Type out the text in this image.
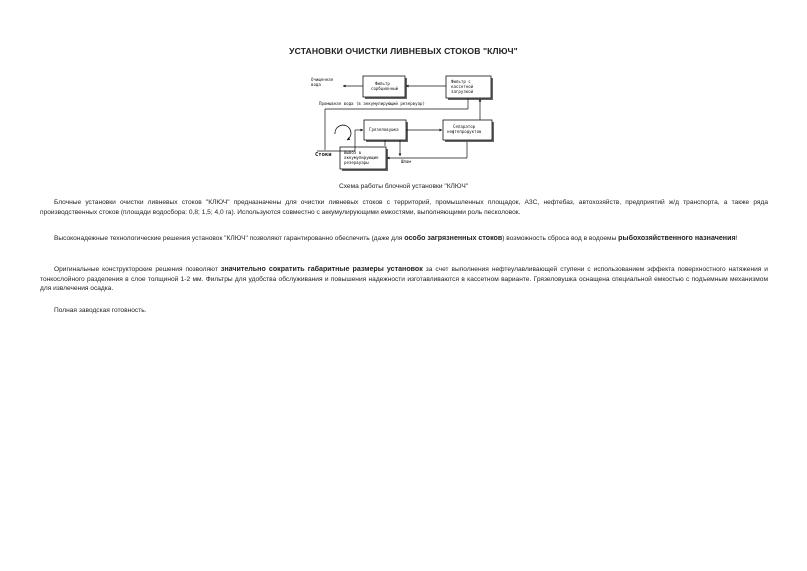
УСТАНОВКИ ОЧИСТКИ ЛИВНЕВЫХ СТОКОВ "КЛЮЧ"
Очищенная
вода	Фильтр
сорбционный
Фильтр с
кассетной
загрузкой
Промывная вода (в аккумулирующий резервуар)
Грязеловушка
Сепаратор
нефтепродуктов
Стоки	Вывоз в
аккумулирующие
резервуары	Шлам
Схема работы блочной установки "КЛЮЧ"

Блочные установки очистки ливневых стоков "КЛЮЧ" предназначены для очистки ливневых стоков с территорий, промышленных площадок, АЗС, нефтебаз, автохозяйств, предприятий ж/д транспорта, а также ряда производственных стоков (площади водосбора: 0,8; 1,5; 4,0 га). Используются совместно с аккумулирующими емкостями, выполняющими роль песколовок.

Высоконадежные технологические решения установок "КЛЮЧ" позволяют гарантированно обеспечить (даже для особо загрязненных стоков) возможность сброса вод в водоемы рыбохозяйственного назначения!

Оригинальные конструкторские решения позволяют значительно сократить габаритные размеры установок за счет выполнения нефтеулавливающей ступени с использованием эффекта поверхностного натяжения и тонкослойного разделения в слое толщиной 1-2 мм. Фильтры для удобства обслуживания и повышения надежности изготавливаются в кассетном варианте. Грязеловушка оснащена специальной емкостью с подъемным механизмом для извлечения осадка.

Полная заводская готовность.
